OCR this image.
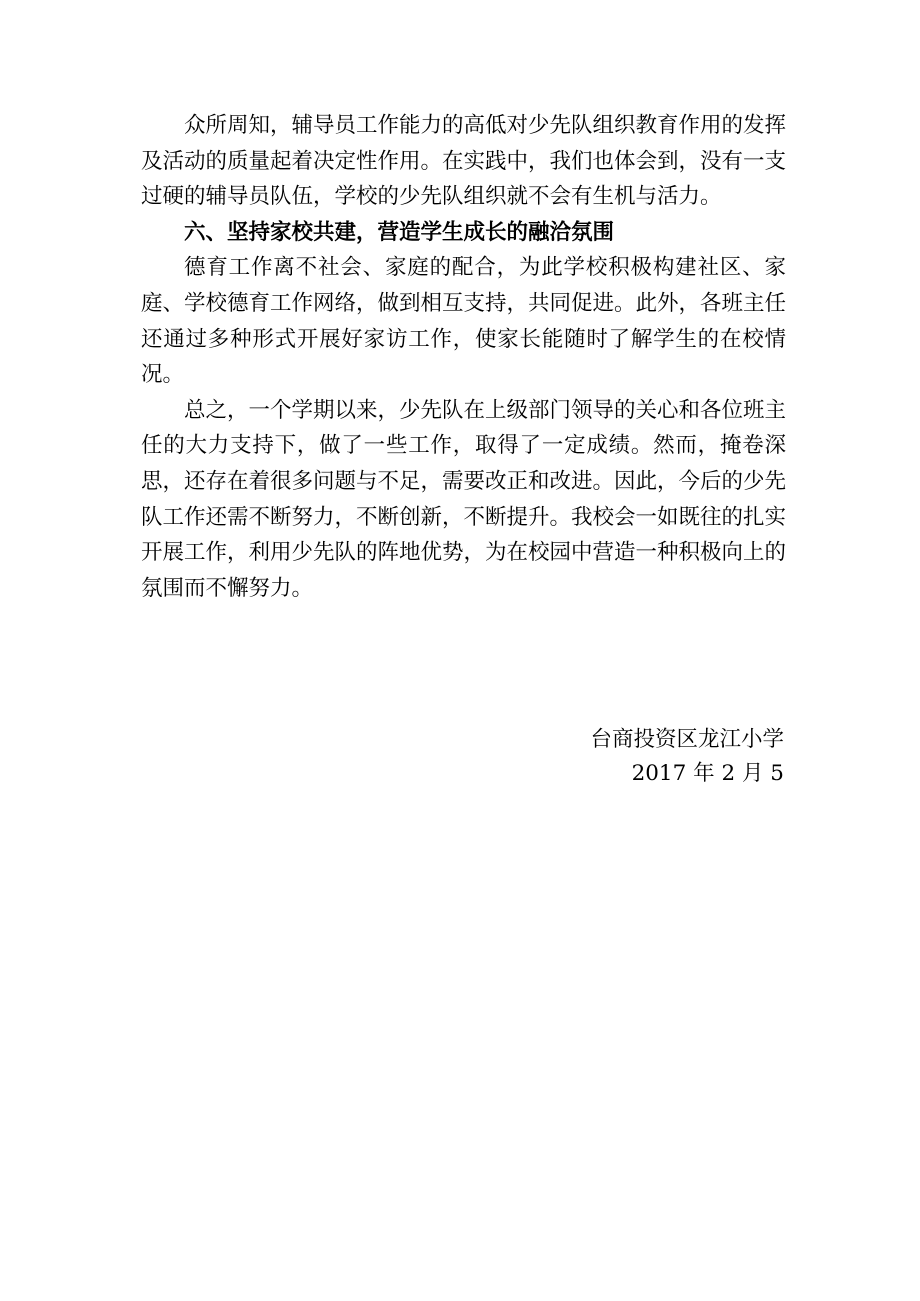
众所周知，辅导员工作能力的高低对少先队组织教育作用的发挥及活动的质量起着决定性作用。在实践中，我们也体会到，没有一支过硬的辅导员队伍，学校的少先队组织就不会有生机与活力。

六、坚持家校共建，营造学生成长的融洽氛围

德育工作离不社会、家庭的配合，为此学校积极构建社区、家庭、学校德育工作网络，做到相互支持，共同促进。此外，各班主任还通过多种形式开展好家访工作，使家长能随时了解学生的在校情况。

总之，一个学期以来，少先队在上级部门领导的关心和各位班主任的大力支持下，做了一些工作，取得了一定成绩。然而，掩卷深思，还存在着很多问题与不足，需要改正和改进。因此，今后的少先队工作还需不断努力，不断创新，不断提升。我校会一如既往的扎实开展工作，利用少先队的阵地优势，为在校园中营造一种积极向上的氛围而不懈努力。

台商投资区龙江小学
2017 年 2 月 5
